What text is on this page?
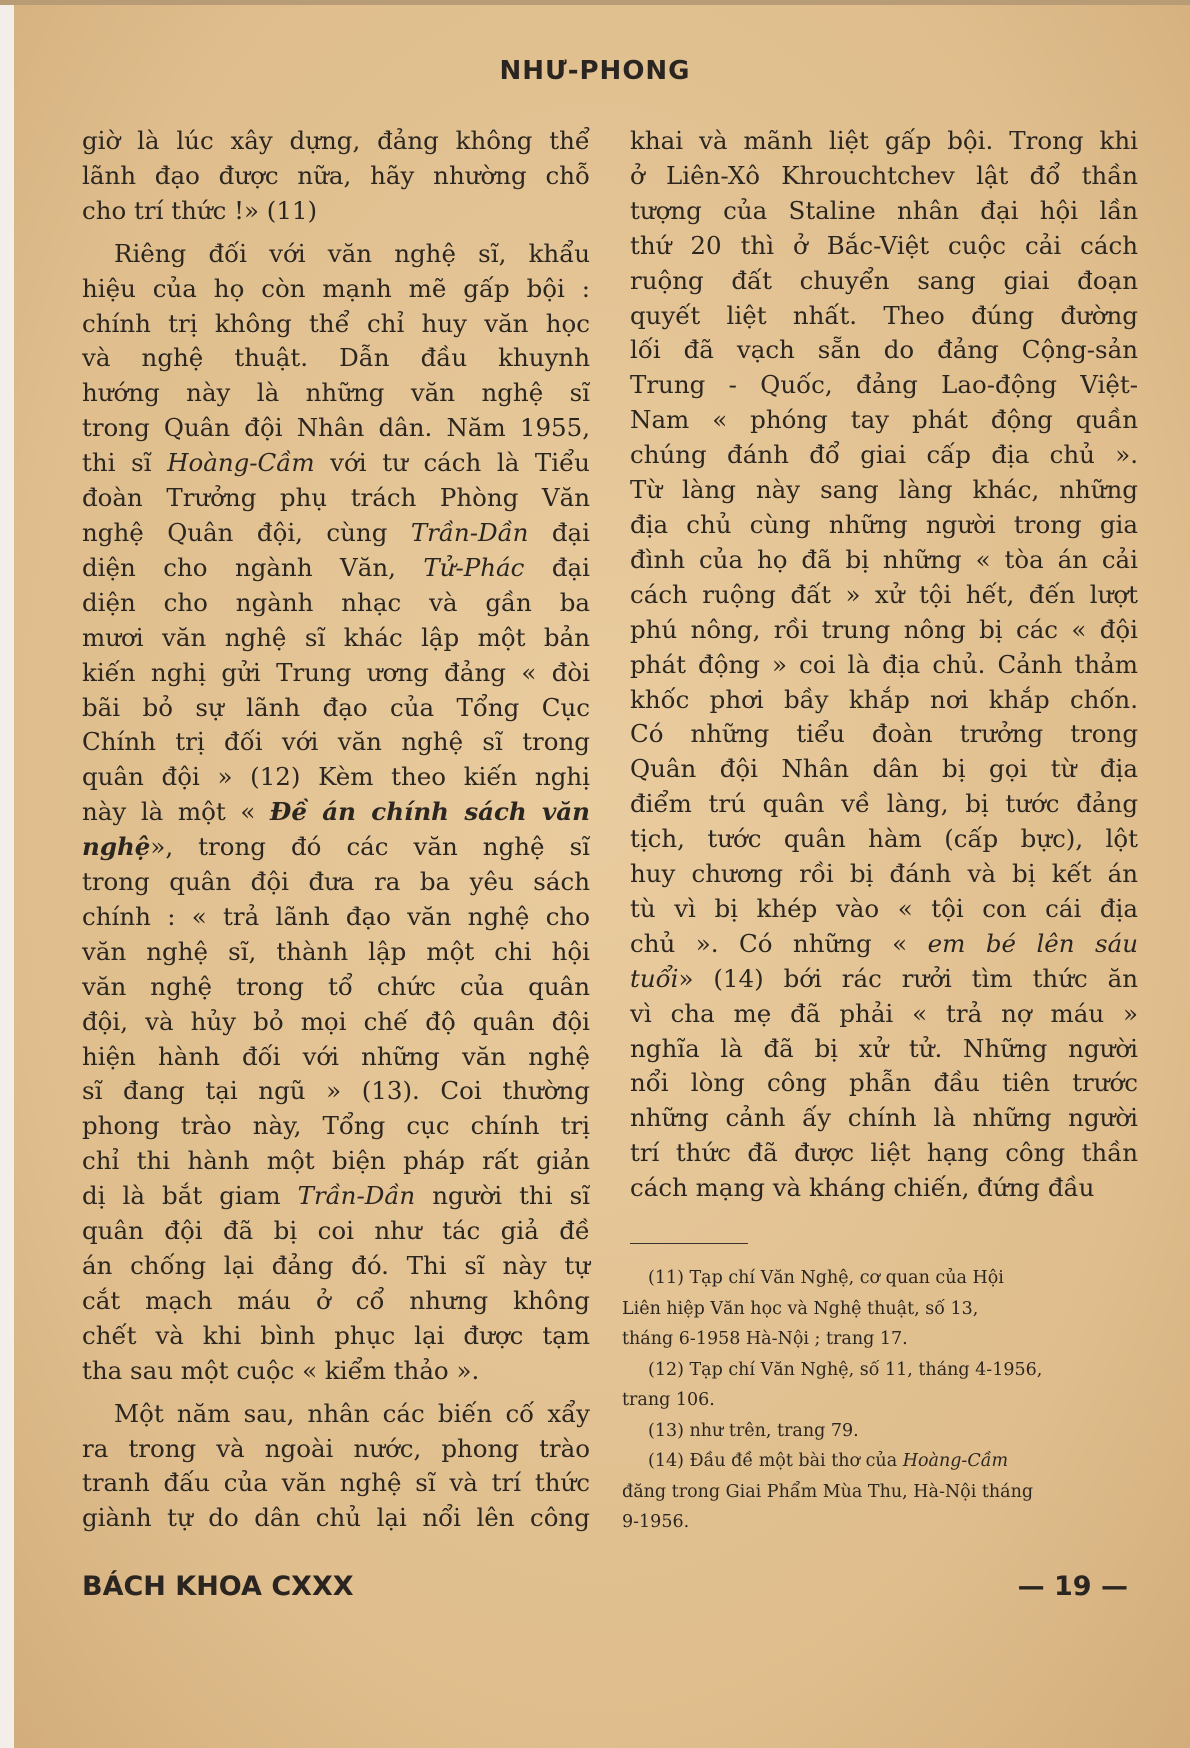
NHƯ-PHONG

giờ là lúc xây dựng, đảng không thể

lãnh đạo được nữa, hãy nhường chỗ

cho trí thức !» (11)

Riêng đối với văn nghệ sĩ, khẩu

hiệu của họ còn mạnh mẽ gấp bội :

chính trị không thể chỉ huy văn học

và nghệ thuật. Dẫn đầu khuynh

hướng này là những văn nghệ sĩ

trong Quân đội Nhân dân. Năm 1955,

thi sĩ Hoàng-Cầm với tư cách là Tiểu

đoàn Trưởng phụ trách Phòng Văn

nghệ Quân đội, cùng Trần-Dần đại

diện cho ngành Văn, Tử-Phác đại

diện cho ngành nhạc và gần ba

mươi văn nghệ sĩ khác lập một bản

kiến nghị gửi Trung ương đảng « đòi

bãi bỏ sự lãnh đạo của Tổng Cục

Chính trị đối với văn nghệ sĩ trong

quân đội » (12) Kèm theo kiến nghị

này là một « Đề án chính sách văn

nghệ», trong đó các văn nghệ sĩ

trong quân đội đưa ra ba yêu sách

chính : « trả lãnh đạo văn nghệ cho

văn nghệ sĩ, thành lập một chi hội

văn nghệ trong tổ chức của quân

đội, và hủy bỏ mọi chế độ quân đội

hiện hành đối với những văn nghệ

sĩ đang tại ngũ » (13). Coi thường

phong trào này, Tổng cục chính trị

chỉ thi hành một biện pháp rất giản

dị là bắt giam Trần-Dần người thi sĩ

quân đội đã bị coi như tác giả đề

án chống lại đảng đó. Thi sĩ này tự

cắt mạch máu ở cổ nhưng không

chết và khi bình phục lại được tạm

tha sau một cuộc « kiểm thảo ».

Một năm sau, nhân các biến cố xẩy

ra trong và ngoài nước, phong trào

tranh đấu của văn nghệ sĩ và trí thức

giành tự do dân chủ lại nổi lên công

khai và mãnh liệt gấp bội. Trong khi

ở Liên-Xô Khrouchtchev lật đổ thần

tượng của Staline nhân đại hội lần

thứ 20 thì ở Bắc-Việt cuộc cải cách

ruộng đất chuyển sang giai đoạn

quyết liệt nhất. Theo đúng đường

lối đã vạch sẵn do đảng Cộng-sản

Trung - Quốc, đảng Lao-động Việt-

Nam « phóng tay phát động quần

chúng đánh đổ giai cấp địa chủ ».

Từ làng này sang làng khác, những

địa chủ cùng những người trong gia

đình của họ đã bị những « tòa án cải

cách ruộng đất » xử tội hết, đến lượt

phú nông, rồi trung nông bị các « đội

phát động » coi là địa chủ. Cảnh thảm

khốc phơi bầy khắp nơi khắp chốn.

Có những tiểu đoàn trưởng trong

Quân đội Nhân dân bị gọi từ địa

điểm trú quân về làng, bị tước đảng

tịch, tước quân hàm (cấp bực), lột

huy chương rồi bị đánh và bị kết án

tù vì bị khép vào « tội con cái địa

chủ ». Có những « em bé lên sáu

tuổi» (14) bới rác rưởi tìm thức ăn

vì cha mẹ đã phải « trả nợ máu »

nghĩa là đã bị xử tử. Những người

nổi lòng công phẫn đầu tiên trước

những cảnh ấy chính là những người

trí thức đã được liệt hạng công thần

cách mạng và kháng chiến, đứng đầu

(11) Tạp chí Văn Nghệ, cơ quan của Hội
Liên hiệp Văn học và Nghệ thuật, số 13,
tháng 6-1958 Hà-Nội ; trang 17.

(12) Tạp chí Văn Nghệ, số 11, tháng 4-1956,
trang 106.

(13) như trên, trang 79.

(14) Đầu đề một bài thơ của Hoàng-Cầm
đăng trong Giai Phẩm Mùa Thu, Hà-Nội tháng
9-1956.

BÁCH KHOA CXXX	— 19 —
